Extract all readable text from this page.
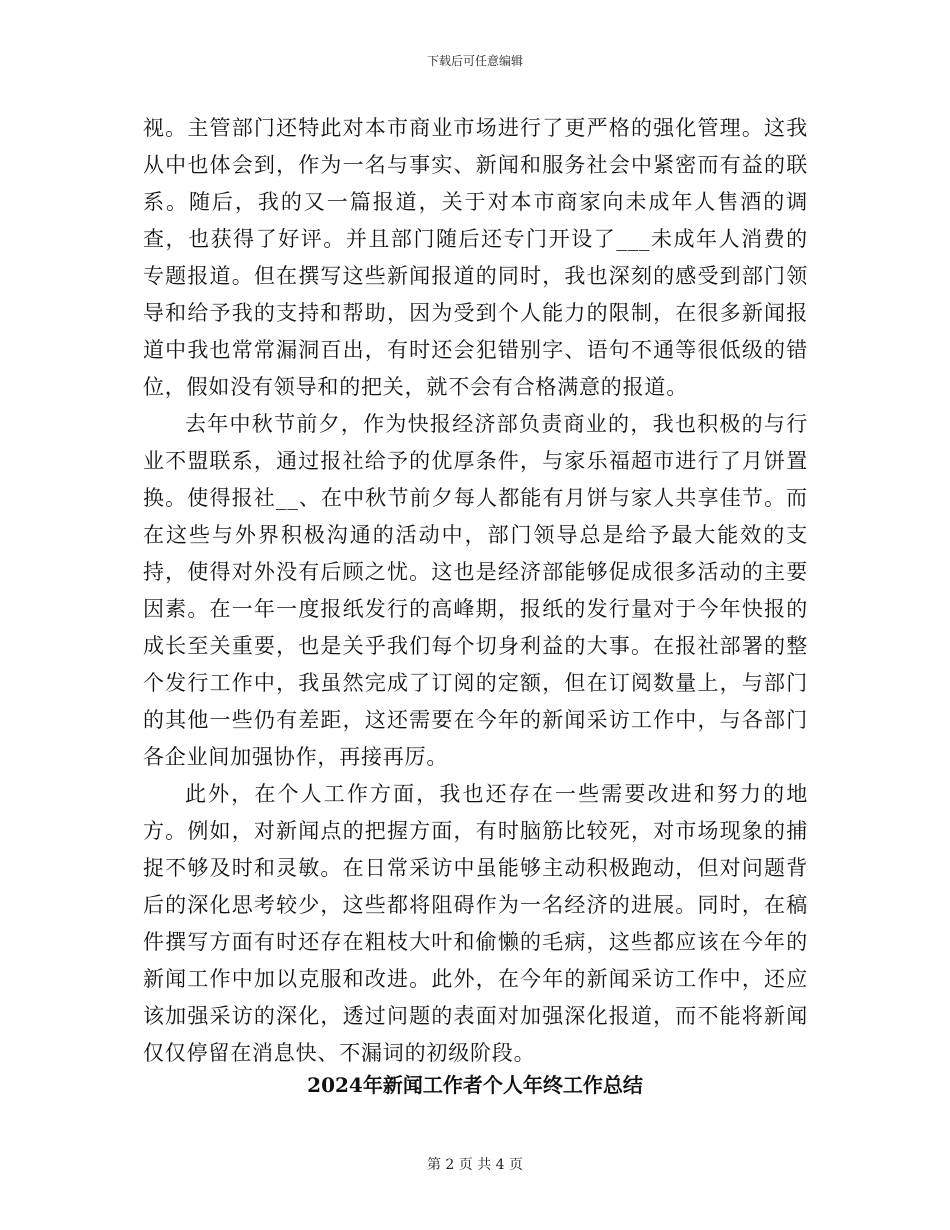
下载后可任意编辑

视。主管部门还特此对本市商业市场进行了更严格的强化管理。这我从中也体会到，作为一名与事实、新闻和服务社会中紧密而有益的联系。随后，我的又一篇报道，关于对本市商家向未成年人售酒的调查，也获得了好评。并且部门随后还专门开设了___未成年人消费的专题报道。但在撰写这些新闻报道的同时，我也深刻的感受到部门领导和给予我的支持和帮助，因为受到个人能力的限制，在很多新闻报道中我也常常漏洞百出，有时还会犯错别字、语句不通等很低级的错位，假如没有领导和的把关，就不会有合格满意的报道。

去年中秋节前夕，作为快报经济部负责商业的，我也积极的与行业不盟联系，通过报社给予的优厚条件，与家乐福超市进行了月饼置换。使得报社__、在中秋节前夕每人都能有月饼与家人共享佳节。而在这些与外界积极沟通的活动中，部门领导总是给予最大能效的支持，使得对外没有后顾之忧。这也是经济部能够促成很多活动的主要因素。在一年一度报纸发行的高峰期，报纸的发行量对于今年快报的成长至关重要，也是关乎我们每个切身利益的大事。在报社部署的整个发行工作中，我虽然完成了订阅的定额，但在订阅数量上，与部门的其他一些仍有差距，这还需要在今年的新闻采访工作中，与各部门各企业间加强协作，再接再厉。

此外，在个人工作方面，我也还存在一些需要改进和努力的地方。例如，对新闻点的把握方面，有时脑筋比较死，对市场现象的捕捉不够及时和灵敏。在日常采访中虽能够主动积极跑动，但对问题背后的深化思考较少，这些都将阻碍作为一名经济的进展。同时，在稿件撰写方面有时还存在粗枝大叶和偷懒的毛病，这些都应该在今年的新闻工作中加以克服和改进。此外，在今年的新闻采访工作中，还应该加强采访的深化，透过问题的表面对加强深化报道，而不能将新闻仅仅停留在消息快、不漏词的初级阶段。

2024年新闻工作者个人年终工作总结
第 2 页 共 4 页
